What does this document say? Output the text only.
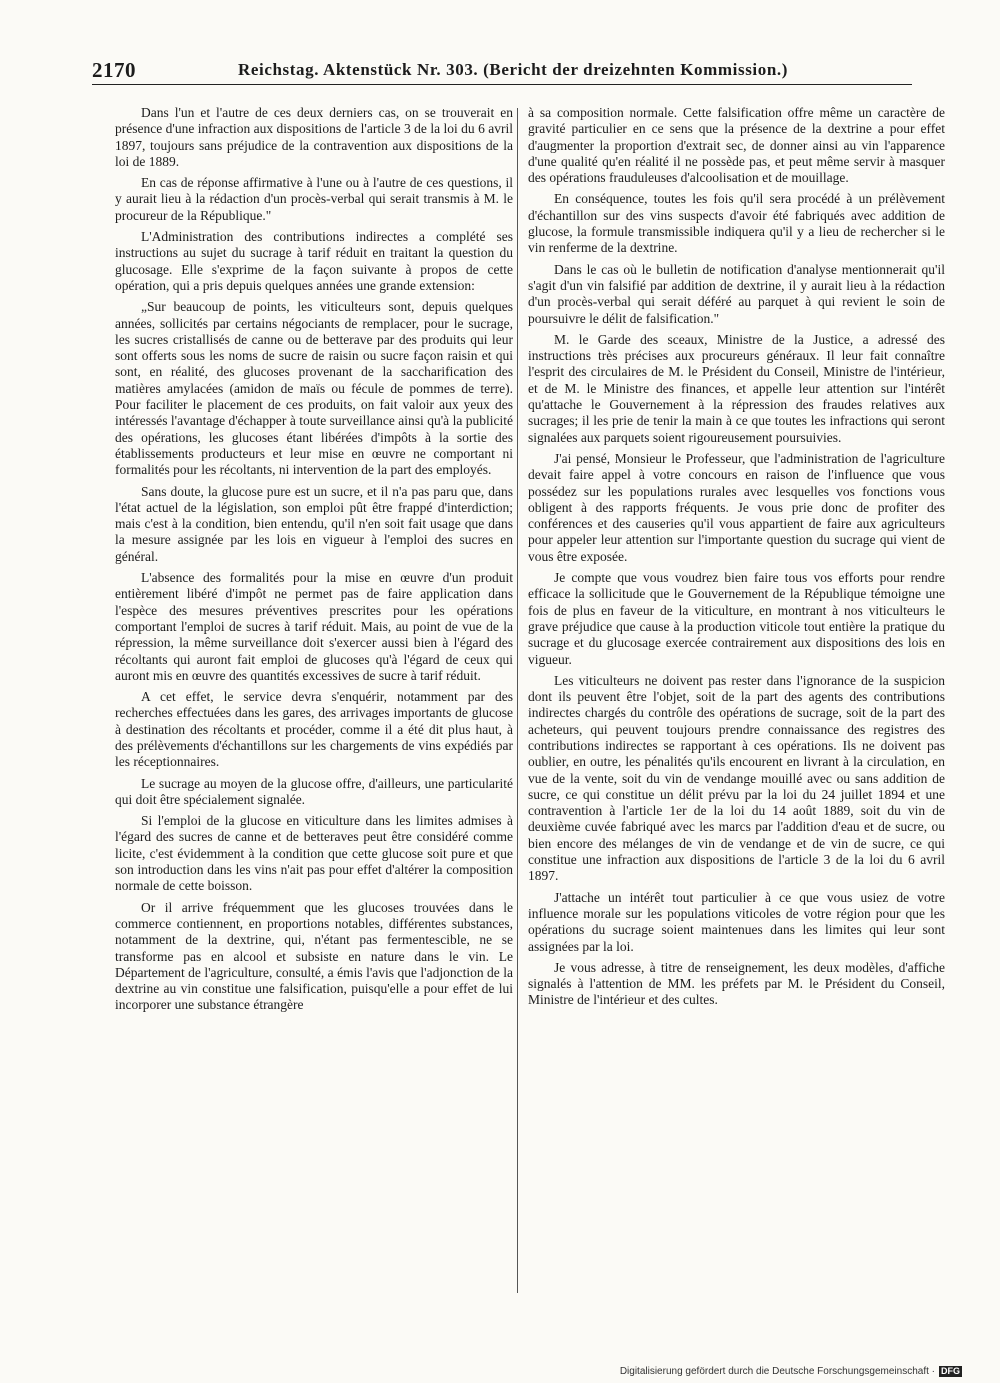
2170	Reichstag. Aktenstück Nr. 303. (Bericht der dreizehnten Kommission.)

Dans l'un et l'autre de ces deux derniers cas, on se trouverait en présence d'une infraction aux dispositions de l'article 3 de la loi du 6 avril 1897, toujours sans préjudice de la contravention aux dispositions de la loi de 1889.

En cas de réponse affirmative à l'une ou à l'autre de ces questions, il y aurait lieu à la rédaction d'un procès-verbal qui serait transmis à M. le procureur de la République."

L'Administration des contributions indirectes a complété ses instructions au sujet du sucrage à tarif réduit en traitant la question du glucosage. Elle s'exprime de la façon suivante à propos de cette opération, qui a pris depuis quelques années une grande extension:

„Sur beaucoup de points, les viticulteurs sont, depuis quelques années, sollicités par certains négociants de remplacer, pour le sucrage, les sucres cristallisés de canne ou de betterave par des produits qui leur sont offerts sous les noms de sucre de raisin ou sucre façon raisin et qui sont, en réalité, des glucoses provenant de la saccharification des matières amylacées (amidon de maïs ou fécule de pommes de terre). Pour faciliter le placement de ces produits, on fait valoir aux yeux des intéressés l'avantage d'échapper à toute surveillance ainsi qu'à la publicité des opérations, les glucoses étant libérées d'impôts à la sortie des établissements producteurs et leur mise en œuvre ne comportant ni formalités pour les récoltants, ni intervention de la part des employés.

Sans doute, la glucose pure est un sucre, et il n'a pas paru que, dans l'état actuel de la législation, son emploi pût être frappé d'interdiction; mais c'est à la condition, bien entendu, qu'il n'en soit fait usage que dans la mesure assignée par les lois en vigueur à l'emploi des sucres en général.

L'absence des formalités pour la mise en œuvre d'un produit entièrement libéré d'impôt ne permet pas de faire application dans l'espèce des mesures préventives prescrites pour les opérations comportant l'emploi de sucres à tarif réduit. Mais, au point de vue de la répression, la même surveillance doit s'exercer aussi bien à l'égard des récoltants qui auront fait emploi de glucoses qu'à l'égard de ceux qui auront mis en œuvre des quantités excessives de sucre à tarif réduit.

A cet effet, le service devra s'enquérir, notamment par des recherches effectuées dans les gares, des arrivages importants de glucose à destination des récoltants et procéder, comme il a été dit plus haut, à des prélèvements d'échantillons sur les chargements de vins expédiés par les réceptionnaires.

Le sucrage au moyen de la glucose offre, d'ailleurs, une particularité qui doit être spécialement signalée.

Si l'emploi de la glucose en viticulture dans les limites admises à l'égard des sucres de canne et de betteraves peut être considéré comme licite, c'est évidemment à la condition que cette glucose soit pure et que son introduction dans les vins n'ait pas pour effet d'altérer la composition normale de cette boisson.

Or il arrive fréquemment que les glucoses trouvées dans le commerce contiennent, en proportions notables, différentes substances, notamment de la dextrine, qui, n'étant pas fermentescible, ne se transforme pas en alcool et subsiste en nature dans le vin. Le Département de l'agriculture, consulté, a émis l'avis que l'adjonction de la dextrine au vin constitue une falsification, puisqu'elle a pour effet de lui incorporer une substance étrangère

à sa composition normale. Cette falsification offre même un caractère de gravité particulier en ce sens que la présence de la dextrine a pour effet d'augmenter la proportion d'extrait sec, de donner ainsi au vin l'apparence d'une qualité qu'en réalité il ne possède pas, et peut même servir à masquer des opérations frauduleuses d'alcoolisation et de mouillage.

En conséquence, toutes les fois qu'il sera procédé à un prélèvement d'échantillon sur des vins suspects d'avoir été fabriqués avec addition de glucose, la formule transmissible indiquera qu'il y a lieu de rechercher si le vin renferme de la dextrine.

Dans le cas où le bulletin de notification d'analyse mentionnerait qu'il s'agit d'un vin falsifié par addition de dextrine, il y aurait lieu à la rédaction d'un procès-verbal qui serait déféré au parquet à qui revient le soin de poursuivre le délit de falsification."

M. le Garde des sceaux, Ministre de la Justice, a adressé des instructions très précises aux procureurs généraux. Il leur fait connaître l'esprit des circulaires de M. le Président du Conseil, Ministre de l'intérieur, et de M. le Ministre des finances, et appelle leur attention sur l'intérêt qu'attache le Gouvernement à la répression des fraudes relatives aux sucrages; il les prie de tenir la main à ce que toutes les infractions qui seront signalées aux parquets soient rigoureusement poursuivies.

J'ai pensé, Monsieur le Professeur, que l'administration de l'agriculture devait faire appel à votre concours en raison de l'influence que vous possédez sur les populations rurales avec lesquelles vos fonctions vous obligent à des rapports fréquents. Je vous prie donc de profiter des conférences et des causeries qu'il vous appartient de faire aux agriculteurs pour appeler leur attention sur l'importante question du sucrage qui vient de vous être exposée.

Je compte que vous voudrez bien faire tous vos efforts pour rendre efficace la sollicitude que le Gouvernement de la République témoigne une fois de plus en faveur de la viticulture, en montrant à nos viticulteurs le grave préjudice que cause à la production viticole tout entière la pratique du sucrage et du glucosage exercée contrairement aux dispositions des lois en vigueur.

Les viticulteurs ne doivent pas rester dans l'ignorance de la suspicion dont ils peuvent être l'objet, soit de la part des agents des contributions indirectes chargés du contrôle des opérations de sucrage, soit de la part des acheteurs, qui peuvent toujours prendre connaissance des registres des contributions indirectes se rapportant à ces opérations. Ils ne doivent pas oublier, en outre, les pénalités qu'ils encourent en livrant à la circulation, en vue de la vente, soit du vin de vendange mouillé avec ou sans addition de sucre, ce qui constitue un délit prévu par la loi du 24 juillet 1894 et une contravention à l'article 1er de la loi du 14 août 1889, soit du vin de deuxième cuvée fabriqué avec les marcs par l'addition d'eau et de sucre, ou bien encore des mélanges de vin de vendange et de vin de sucre, ce qui constitue une infraction aux dispositions de l'article 3 de la loi du 6 avril 1897.

J'attache un intérêt tout particulier à ce que vous usiez de votre influence morale sur les populations viticoles de votre région pour que les opérations du sucrage soient maintenues dans les limites qui leur sont assignées par la loi.

Je vous adresse, à titre de renseignement, les deux modèles, d'affiche signalés à l'attention de MM. les préfets par M. le Président du Conseil, Ministre de l'intérieur et des cultes.

Digitalisierung gefördert durch die Deutsche Forschungsgemeinschaft · DFG
